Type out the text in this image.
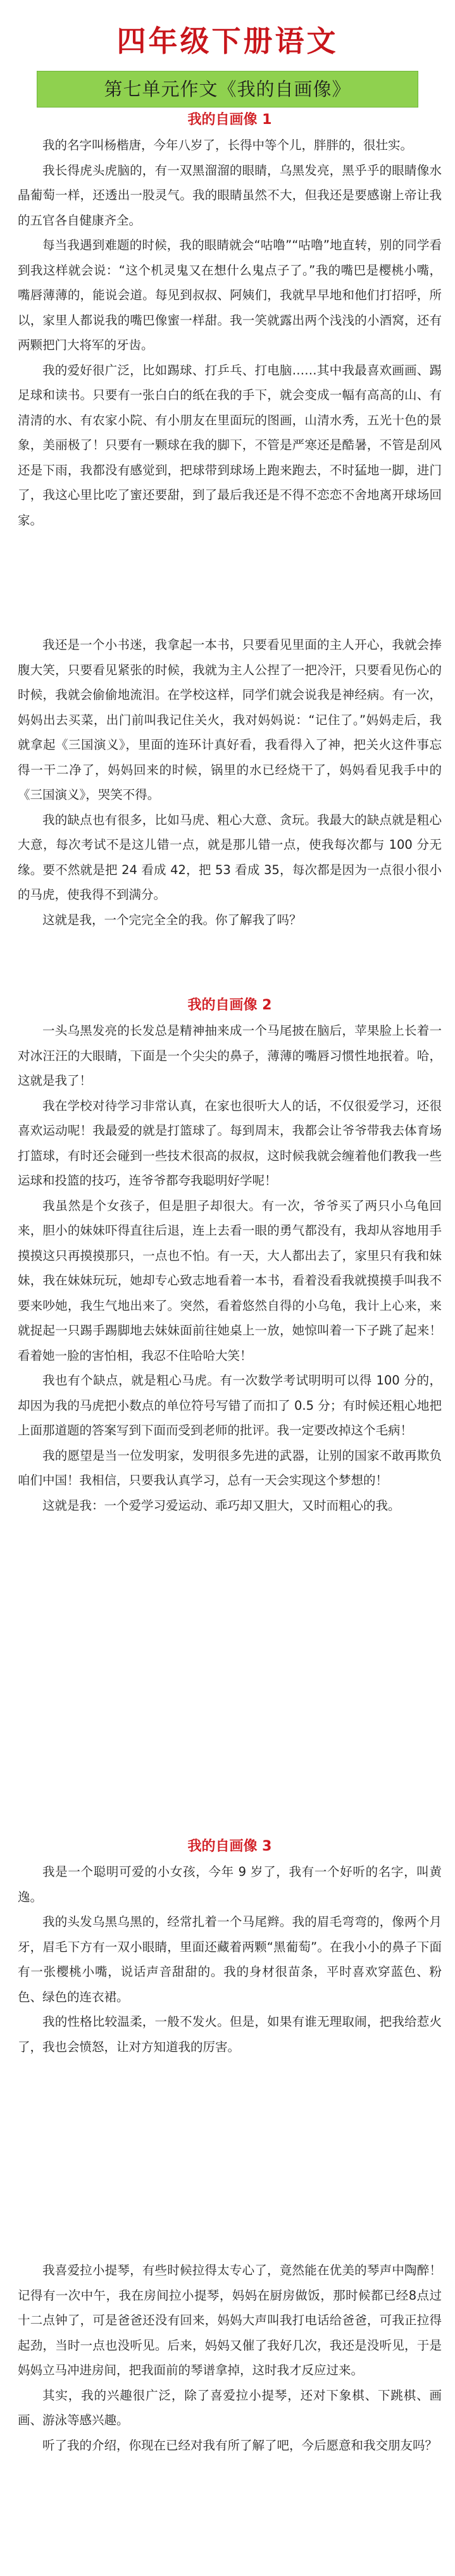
四年级下册语文
第七单元作文《我的自画像》
我的自画像 1

我的名字叫杨楷唐，今年八岁了，长得中等个儿，胖胖的，很壮实。

我长得虎头虎脑的，有一双黑溜溜的眼睛，乌黑发亮，黑乎乎的眼睛像水晶葡萄一样，还透出一股灵气。我的眼睛虽然不大，但我还是要感谢上帝让我的五官各自健康齐全。

每当我遇到难题的时候，我的眼睛就会“咕噜”“咕噜”地直转，别的同学看到我这样就会说：“这个机灵鬼又在想什么鬼点子了。”我的嘴巴是樱桃小嘴，嘴唇薄薄的，能说会道。每见到叔叔、阿姨们，我就早早地和他们打招呼，所以，家里人都说我的嘴巴像蜜一样甜。我一笑就露出两个浅浅的小酒窝，还有两颗把门大将军的牙齿。

我的爱好很广泛，比如踢球、打乒乓、打电脑……其中我最喜欢画画、踢足球和读书。只要有一张白白的纸在我的手下，就会变成一幅有高高的山、有清清的水、有农家小院、有小朋友在里面玩的图画，山清水秀，五光十色的景象，美丽极了！只要有一颗球在我的脚下，不管是严寒还是酷暑，不管是刮风还是下雨，我都没有感觉到，把球带到球场上跑来跑去，不时猛地一脚，进门了，我这心里比吃了蜜还要甜，到了最后我还是不得不恋恋不舍地离开球场回家。

我还是一个小书迷，我拿起一本书，只要看见里面的主人开心，我就会捧腹大笑，只要看见紧张的时候，我就为主人公捏了一把冷汗，只要看见伤心的时候，我就会偷偷地流泪。在学校这样，同学们就会说我是神经病。有一次，妈妈出去买菜，出门前叫我记住关火，我对妈妈说：“记住了。”妈妈走后，我就拿起《三国演义》，里面的连环计真好看，我看得入了神，把关火这件事忘得一干二净了，妈妈回来的时候，锅里的水已经烧干了，妈妈看见我手中的《三国演义》，哭笑不得。

我的缺点也有很多，比如马虎、粗心大意、贪玩。我最大的缺点就是粗心大意，每次考试不是这儿错一点，就是那儿错一点，使我每次都与 100 分无缘。要不然就是把 24 看成 42，把 53 看成 35，每次都是因为一点很小很小的马虎，使我得不到满分。

这就是我，一个完完全全的我。你了解我了吗？

我的自画像 2

一头乌黑发亮的长发总是精神抽来成一个马尾披在脑后，苹果脸上长着一对冰汪汪的大眼睛，下面是一个尖尖的鼻子，薄薄的嘴唇习惯性地抿着。哈，这就是我了！

我在学校对待学习非常认真，在家也很听大人的话，不仅很爱学习，还很喜欢运动呢！我最爱的就是打篮球了。每到周末，我都会让爷爷带我去体育场打篮球，有时还会碰到一些技术很高的叔叔，这时候我就会缠着他们教我一些运球和投篮的技巧，连爷爷都夸我聪明好学呢！

我虽然是个女孩子，但是胆子却很大。有一次，爷爷买了两只小乌龟回来，胆小的妹妹吓得直往后退，连上去看一眼的勇气都没有，我却从容地用手摸摸这只再摸摸那只，一点也不怕。有一天，大人都出去了，家里只有我和妹妹，我在妹妹玩玩，她却专心致志地看着一本书，看着没看我就摸摸手叫我不要来吵她，我生气地出来了。突然，看着悠然自得的小乌龟，我计上心来，来就捉起一只踢手踢脚地去妹妹面前往她桌上一放，她惊叫着一下子跳了起来！看着她一脸的害怕相，我忍不住哈哈大笑！

我也有个缺点，就是粗心马虎。有一次数学考试明明可以得 100 分的，却因为我的马虎把小数点的单位符号写错了而扣了 0.5 分；有时候还粗心地把上面那道题的答案写到下面而受到老师的批评。我一定要改掉这个毛病！

我的愿望是当一位发明家，发明很多先进的武器，让别的国家不敢再欺负咱们中国！我相信，只要我认真学习，总有一天会实现这个梦想的！

这就是我：一个爱学习爱运动、乖巧却又胆大，又时而粗心的我。

我的自画像 3

我是一个聪明可爱的小女孩，今年 9 岁了，我有一个好听的名字，叫黄逸。

我的头发乌黑乌黑的，经常扎着一个马尾辫。我的眉毛弯弯的，像两个月牙，眉毛下方有一双小眼睛，里面还藏着两颗“黑葡萄”。在我小小的鼻子下面有一张樱桃小嘴，说话声音甜甜的。我的身材很苗条，平时喜欢穿蓝色、粉色、绿色的连衣裙。

我的性格比较温柔，一般不发火。但是，如果有谁无理取闹，把我给惹火了，我也会愤怒，让对方知道我的厉害。

我喜爱拉小提琴，有些时候拉得太专心了，竟然能在优美的琴声中陶醉！记得有一次中午，我在房间拉小提琴，妈妈在厨房做饭，那时候都已经8点过十二点钟了，可是爸爸还没有回来，妈妈大声叫我打电话给爸爸，可我正拉得起劲，当时一点也没听见。后来，妈妈又催了我好几次，我还是没听见，于是妈妈立马冲进房间，把我面前的琴谱拿掉，这时我才反应过来。

其实，我的兴趣很广泛，除了喜爱拉小提琴，还对下象棋、下跳棋、画画、游泳等感兴趣。

听了我的介绍，你现在已经对我有所了解了吧，今后愿意和我交朋友吗？
